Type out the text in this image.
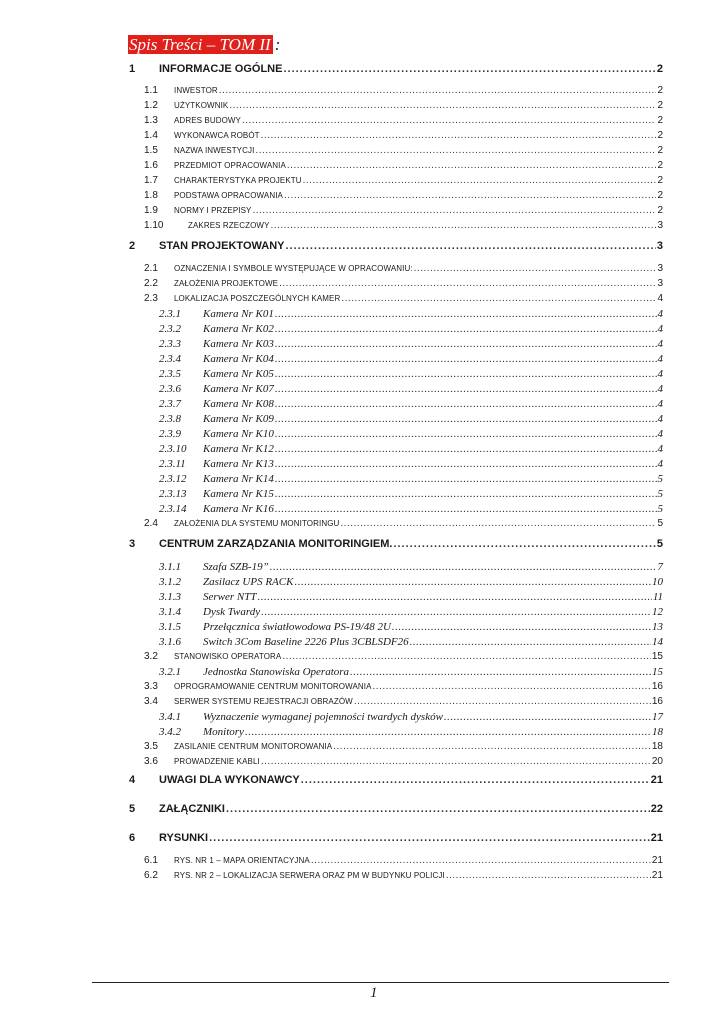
Spis Treści – TOM II :
1 INFORMACJE OGÓLNE .....	2
1.1 INWESTOR .....	2
1.2 UŻYTKOWNIK .....	2
1.3 ADRES BUDOWY .....	2
1.4 WYKONAWCA ROBÓT .....	2
1.5 NAZWA INWESTYCJI .....	2
1.6 PRZEDMIOT OPRACOWANIA .....	2
1.7 CHARAKTERYSTYKA PROJEKTU .....	2
1.8 PODSTAWA OPRACOWANIA .....	2
1.9 NORMY I PRZEPISY .....	2
1.10	ZAKRES RZECZOWY .....	3
2 STAN PROJEKTOWANY .....	3
2.1 OZNACZENIA I SYMBOLE WYSTĘPUJĄCE W OPRACOWANIU: .....	3
2.2 ZAŁOŻENIA PROJEKTOWE .....	3
2.3 LOKALIZACJA POSZCZEGÓLNYCH KAMER .....	4
2.3.1 Kamera Nr K01 .....	4
2.3.2 Kamera Nr K02 .....	4
2.3.3 Kamera Nr K03 .....	4
2.3.4 Kamera Nr K04 .....	4
2.3.5 Kamera Nr K05 .....	4
2.3.6 Kamera Nr K07 .....	4
2.3.7 Kamera Nr K08 .....	4
2.3.8 Kamera Nr K09 .....	4
2.3.9 Kamera Nr K10 .....	4
2.3.10 Kamera Nr K12 .....	4
2.3.11 Kamera Nr K13 .....	4
2.3.12 Kamera Nr K14 .....	5
2.3.13 Kamera Nr K15 .....	5
2.3.14 Kamera Nr K16 .....	5
2.4 ZAŁOŻENIA DLA SYSTEMU MONITORINGU .....	5
3 CENTRUM ZARZĄDZANIA MONITORINGIEM. .....	5
3.1.1 Szafa SZB-19” .....	7
3.1.2 Zasilacz UPS RACK .....	10
3.1.3 Serwer NTT .....	11
3.1.4 Dysk Twardy .....	12
3.1.5 Przełącznica światłowodowa PS-19/48 2U .....	13
3.1.6 Switch 3Com Baseline 2226 Plus 3CBLSDF26 .....	14
3.2 STANOWISKO OPERATORA .....	15
3.2.1 Jednostka Stanowiska Operatora .....	15
3.3 OPROGRAMOWANIE CENTRUM MONITOROWANIA .....	16
3.4 SERWER SYSTEMU REJESTRACJI OBRAZÓW .....	16
3.4.1 Wyznaczenie wymaganej pojemności twardych dysków .....	17
3.4.2 Monitory .....	18
3.5 ZASILANIE CENTRUM MONITOROWANIA .....	18
3.6 PROWADZENIE KABLI .....	20
4 UWAGI DLA WYKONAWCY .....	21
5 ZAŁĄCZNIKI .....	22
6 RYSUNKI .....	21
6.1 RYS. NR 1 – MAPA ORIENTACYJNA .....	21
6.2 RYS. NR 2 – LOKALIZACJA SERWERA ORAZ PM W BUDYNKU POLICJI .....	21
1
